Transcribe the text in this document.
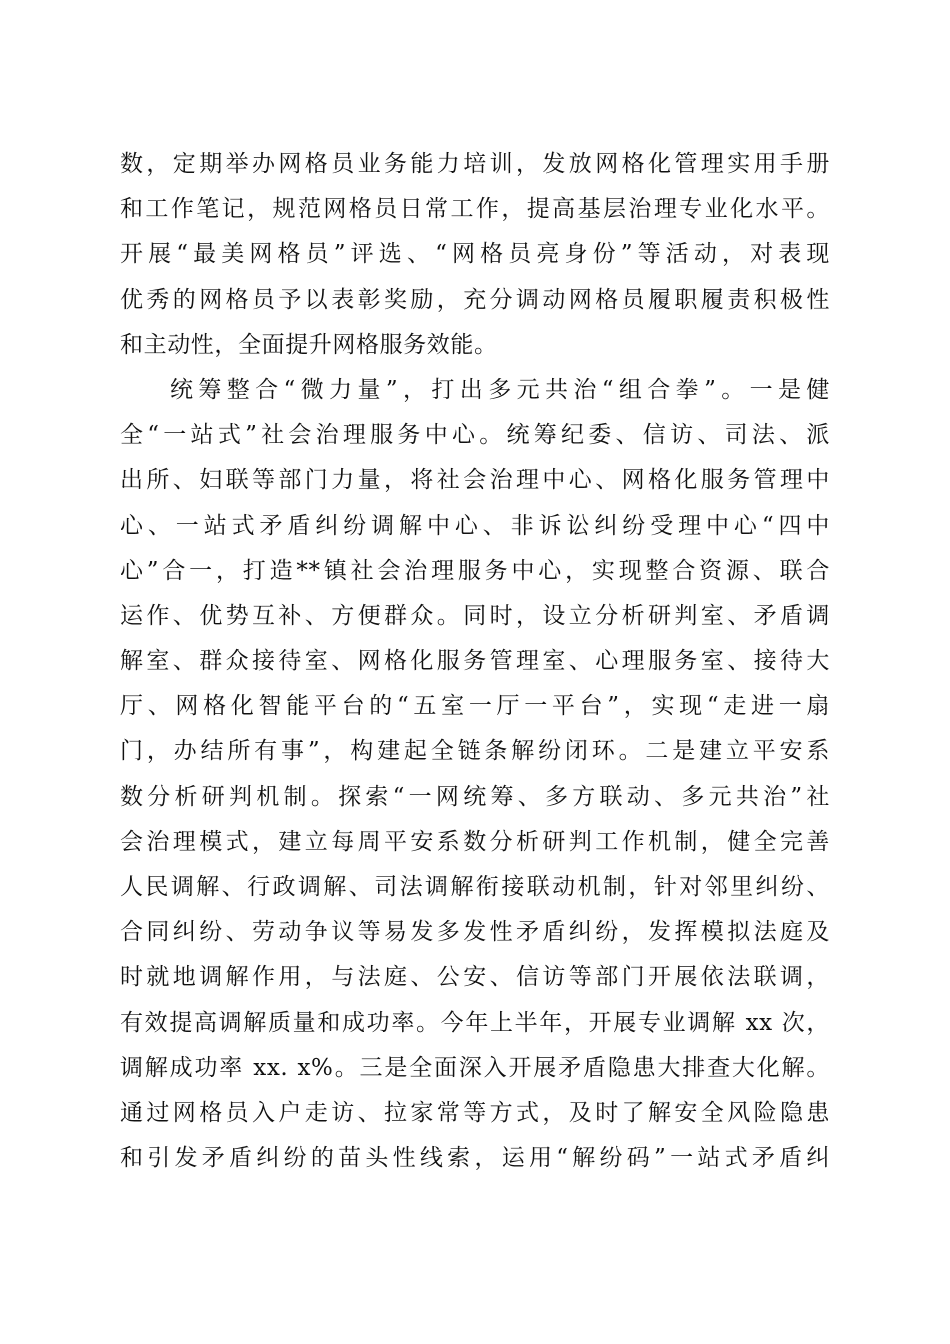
数，定期举办网格员业务能力培训，发放网格化管理实用手册
和工作笔记，规范网格员日常工作，提高基层治理专业化水平。
开展“最美网格员”评选、“网格员亮身份”等活动，对表现
优秀的网格员予以表彰奖励，充分调动网格员履职履责积极性
和主动性，全面提升网格服务效能。
统筹整合“微力量”，打出多元共治“组合拳”。一是健
全“一站式”社会治理服务中心。统筹纪委、信访、司法、派
出所、妇联等部门力量，将社会治理中心、网格化服务管理中
心、一站式矛盾纠纷调解中心、非诉讼纠纷受理中心“四中
心”合一，打造**镇社会治理服务中心，实现整合资源、联合
运作、优势互补、方便群众。同时，设立分析研判室、矛盾调
解室、群众接待室、网格化服务管理室、心理服务室、接待大
厅、网格化智能平台的“五室一厅一平台”，实现“走进一扇
门，办结所有事”，构建起全链条解纷闭环。二是建立平安系
数分析研判机制。探索“一网统筹、多方联动、多元共治”社
会治理模式，建立每周平安系数分析研判工作机制，健全完善
人民调解、行政调解、司法调解衔接联动机制，针对邻里纠纷、
合同纠纷、劳动争议等易发多发性矛盾纠纷，发挥模拟法庭及
时就地调解作用，与法庭、公安、信访等部门开展依法联调，
有效提高调解质量和成功率。今年上半年，开展专业调解 xx 次，
调解成功率 xx. x%。三是全面深入开展矛盾隐患大排查大化解。
通过网格员入户走访、拉家常等方式，及时了解安全风险隐患
和引发矛盾纠纷的苗头性线索，运用“解纷码”一站式矛盾纠
